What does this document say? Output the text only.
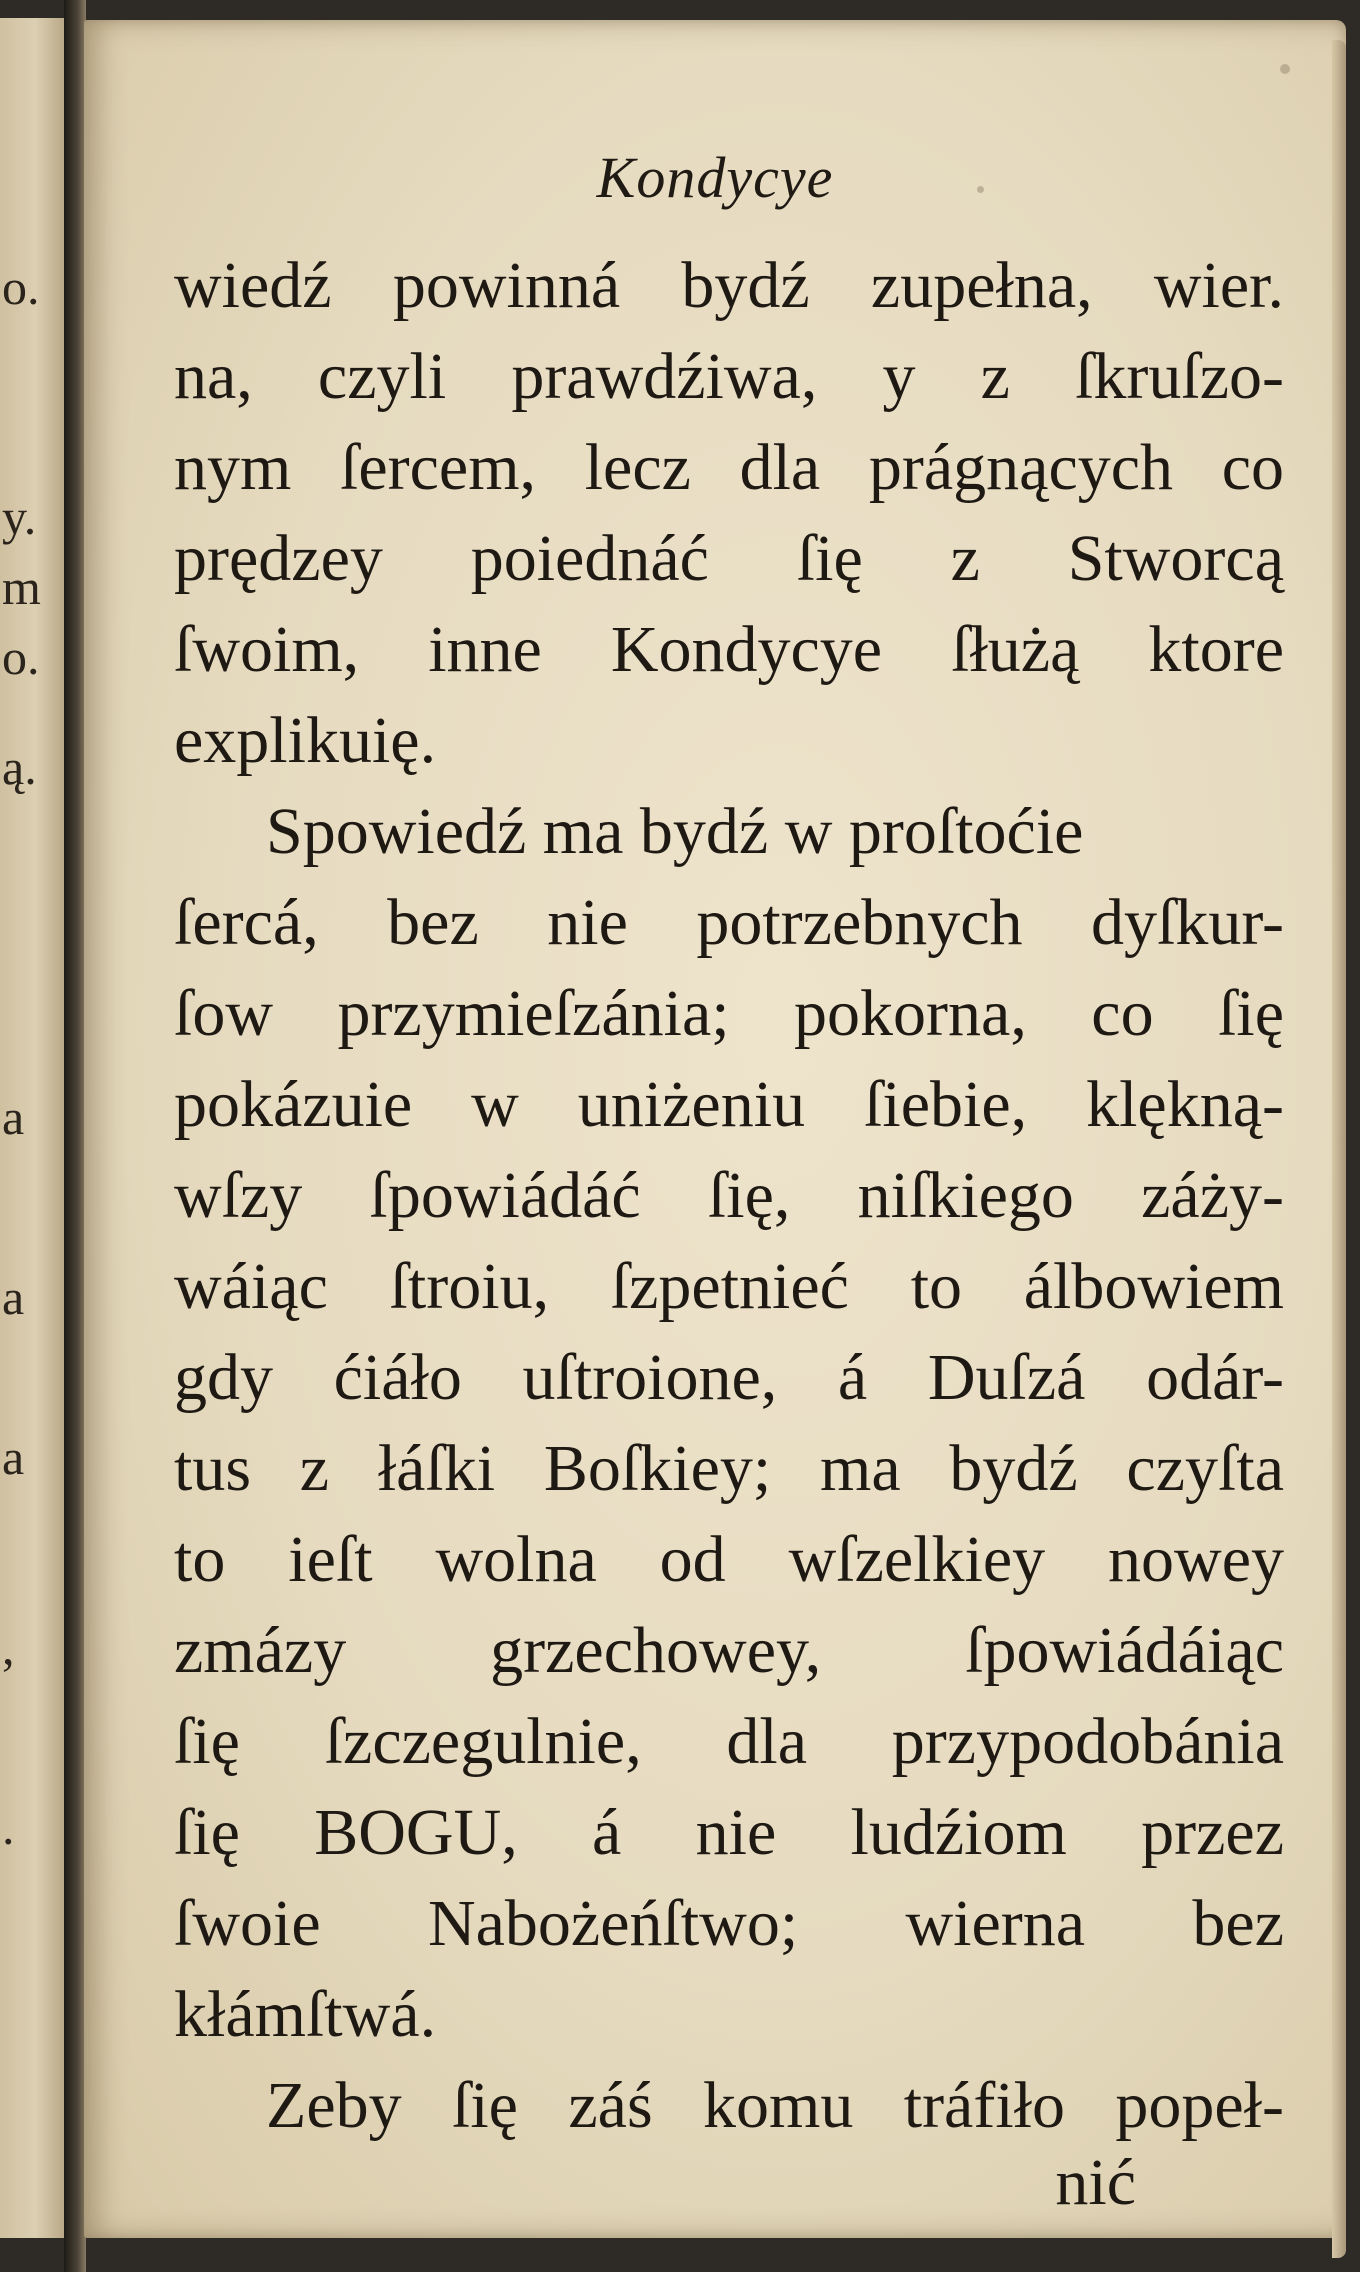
o.
y.
m
o.
ą.
a
a
a
,
.
Kondycye
wiedź powinná bydź zupełna, wier.
na, czyli prawdźiwa, y z ſkruſzo-
nym ſercem, lecz dla prágnących co
prędzey poiednáć ſię z Stworcą
ſwoim, inne Kondycye ſłużą ktore
explikuię.
Spowiedź ma bydź w proſtoćie
ſercá, bez nie potrzebnych dyſkur-
ſow przymieſzánia; pokorna, co ſię
pokázuie w uniżeniu ſiebie, klękną-
wſzy ſpowiádáć ſię, niſkiego záży-
wáiąc ſtroiu, ſzpetnieć to álbowiem
gdy ćiáło uſtroione, á Duſzá odár-
tus z łáſki Boſkiey; ma bydź czyſta
to ieſt wolna od wſzelkiey nowey
zmázy grzechowey, ſpowiádáiąc
ſię ſzczegulnie, dla przypodobánia
ſię BOGU, á nie ludźiom przez
ſwoie Nabożeńſtwo; wierna bez
kłámſtwá.
Zeby ſię záś komu tráfiło popeł-
nić
